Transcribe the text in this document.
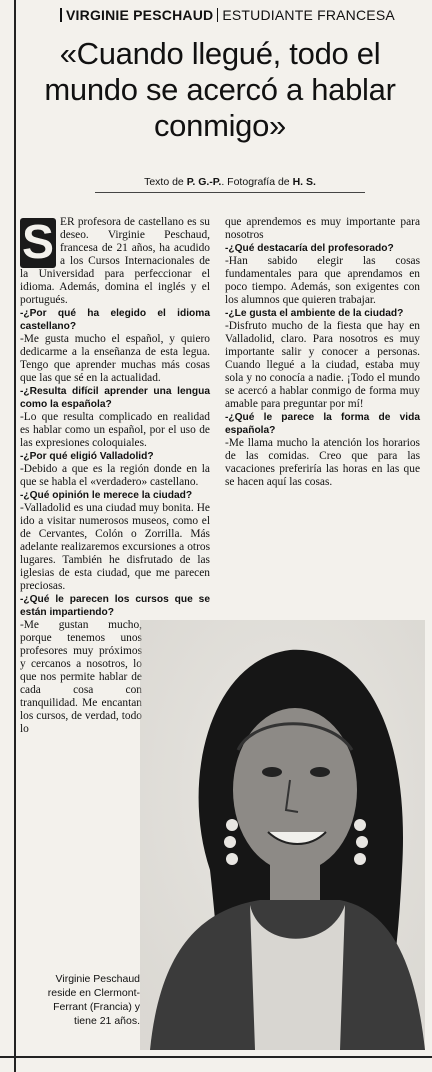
VIRGINIE PESCHAUD ESTUDIANTE FRANCESA
«Cuando llegué, todo el mundo se acercó a hablar conmigo»
Texto de P. G.-P.. Fotografía de H. S.

S ER profesora de castellano es su deseo. Virginie Peschaud, francesa de 21 años, ha acudido a los Cursos Internacionales de la Universidad para perfeccionar el idioma. Además, domina el inglés y el portugués.

-¿Por qué ha elegido el idioma castellano?

-Me gusta mucho el español, y quiero dedicarme a la enseñanza de esta legua. Tengo que aprender muchas más cosas que las que sé en la actualidad.

-¿Resulta difícil aprender una lengua como la española?

-Lo que resulta complicado en realidad es hablar como un español, por el uso de las expresiones coloquiales.

-¿Por qué eligió Valladolid?

-Debido a que es la región donde en la que se habla el «verdadero» castellano.

-¿Qué opinión le merece la ciudad?

-Valladolid es una ciudad muy bonita. He ido a visitar numerosos museos, como el de Cervantes, Colón o Zorrilla. Más adelante realizaremos excursiones a otros lugares. También he disfrutado de las iglesias de esta ciudad, que me parecen preciosas.

-¿Qué le parecen los cursos que se están impartiendo?

-Me gustan mucho, porque tenemos unos profesores muy próximos y cercanos a nosotros, lo que nos permite hablar de cada cosa con tranquilidad. Me encantan los cursos, de verdad, todo lo

que aprendemos es muy importante para nosotros

-¿Qué destacaría del profesorado?

-Han sabido elegir las cosas fundamentales para que aprendamos en poco tiempo. Además, son exigentes con los alumnos que quieren trabajar.

-¿Le gusta el ambiente de la ciudad?

-Disfruto mucho de la fiesta que hay en Valladolid, claro. Para nosotros es muy importante salir y conocer a personas. Cuando llegué a la ciudad, estaba muy sola y no conocía a nadie. ¡Todo el mundo se acercó a hablar conmigo de forma muy amable para preguntar por mí!

-¿Qué le parece la forma de vida española?

-Me llama mucho la atención los horarios de las comidas. Creo que para las vacaciones preferiría las horas en las que se hacen aquí las cosas.

Virginie Peschaud reside en Clermont-Ferrant (Francia) y tiene 21 años.
